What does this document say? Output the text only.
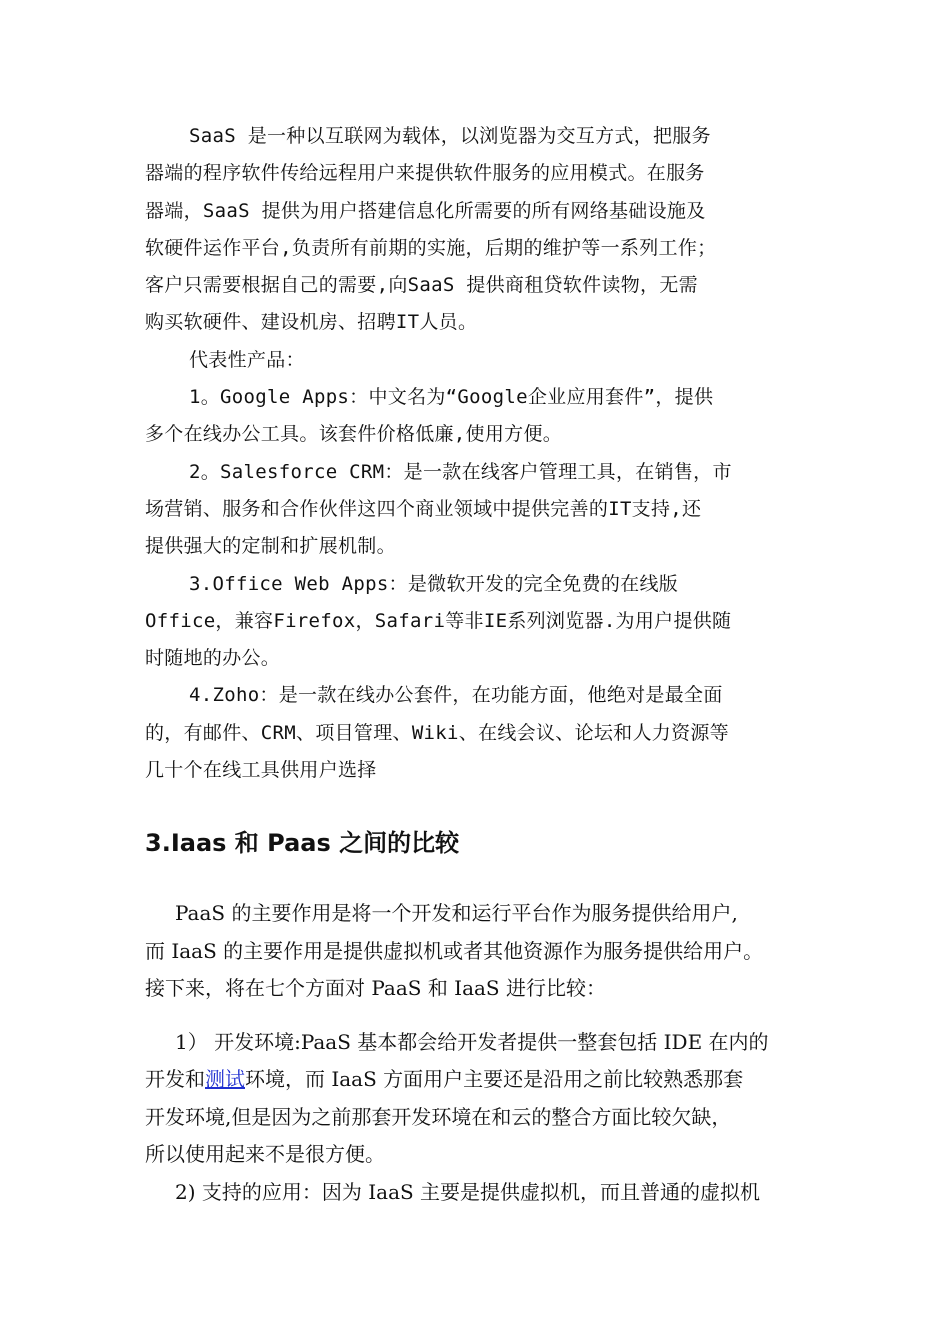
SaaS 是一种以互联网为载体，以浏览器为交互方式，把服务

器端的程序软件传给远程用户来提供软件服务的应用模式。在服务

器端，SaaS 提供为用户搭建信息化所需要的所有网络基础设施及

软硬件运作平台,负责所有前期的实施，后期的维护等一系列工作；

客户只需要根据自己的需要,向SaaS 提供商租贷软件读物，无需

购买软硬件、建设机房、招聘IT人员。

代表性产品：

1。Google Apps：中文名为“Google企业应用套件”，提供

多个在线办公工具。该套件价格低廉,使用方便。

2。Salesforce CRM：是一款在线客户管理工具，在销售，市

场营销、服务和合作伙伴这四个商业领域中提供完善的IT支持,还

提供强大的定制和扩展机制。

3.Office Web Apps：是微软开发的完全免费的在线版

Office，兼容Firefox，Safari等非IE系列浏览器.为用户提供随

时随地的办公。

4.Zoho：是一款在线办公套件，在功能方面，他绝对是最全面

的，有邮件、CRM、项目管理、Wiki、在线会议、论坛和人力资源等

几十个在线工具供用户选择

3.Iaas 和 Paas 之间的比较

PaaS 的主要作用是将一个开发和运行平台作为服务提供给用户,

而 IaaS 的主要作用是提供虚拟机或者其他资源作为服务提供给用户。

接下来，将在七个方面对 PaaS 和 IaaS 进行比较：

1） 开发环境:PaaS 基本都会给开发者提供一整套包括 IDE 在内的

开发和测试环境，而 IaaS 方面用户主要还是沿用之前比较熟悉那套

开发环境,但是因为之前那套开发环境在和云的整合方面比较欠缺，

所以使用起来不是很方便。

2) 支持的应用：因为 IaaS 主要是提供虚拟机，而且普通的虚拟机
